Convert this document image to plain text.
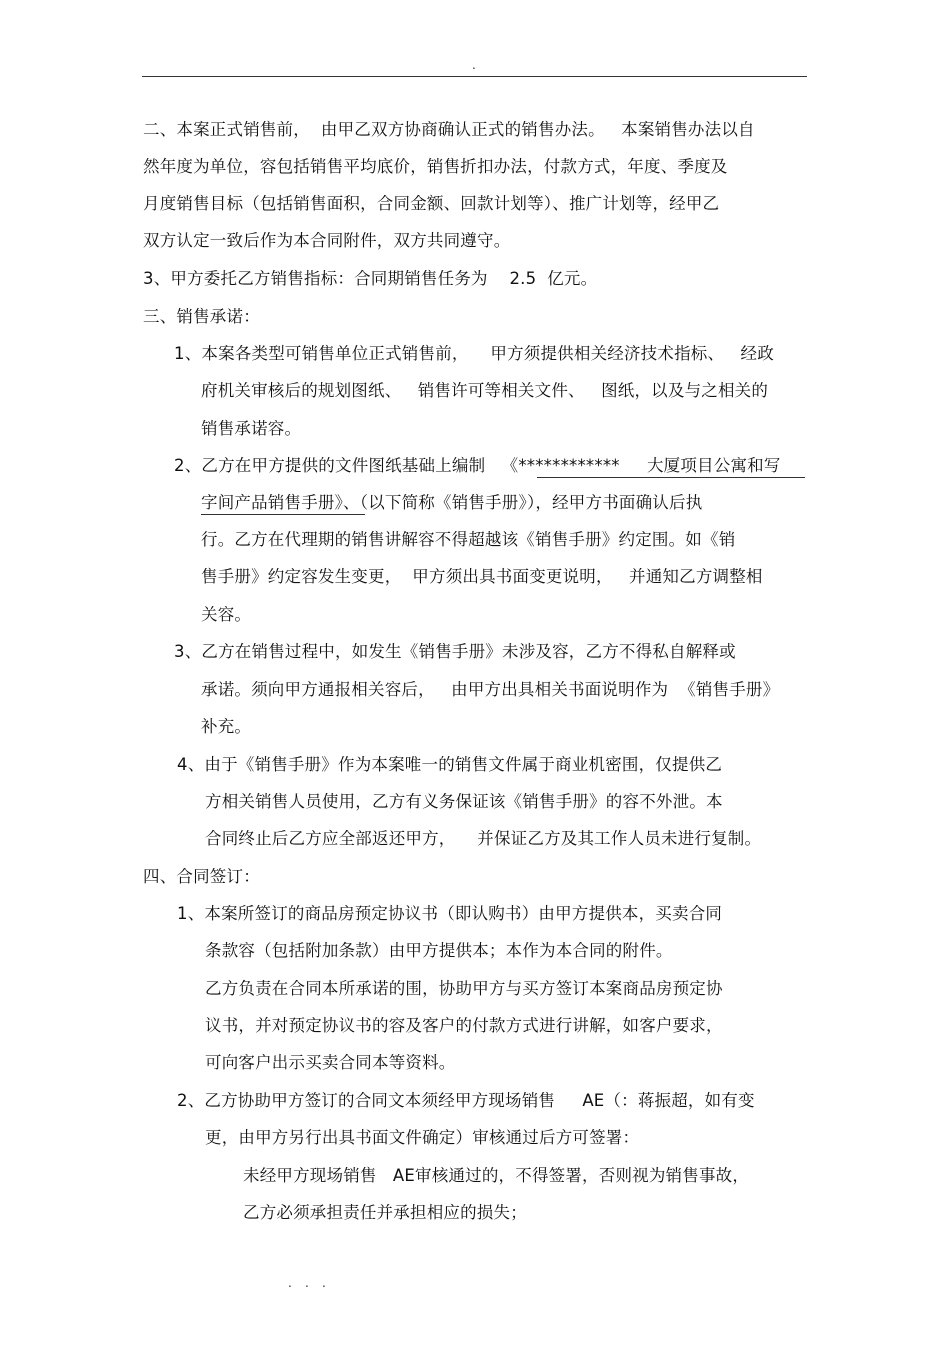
.
二、本案正式销售前，  由甲乙双方协商确认正式的销售办法。   本案销售办法以自
然年度为单位，容包括销售平均底价，销售折扣办法，付款方式，年度、季度及
月度销售目标（包括销售面积，合同金额、回款计划等）、推广计划等，经甲乙
双方认定一致后作为本合同附件，双方共同遵守。
3、甲方委托乙方销售指标：合同期销售任务为    2.5  亿元。
三、销售承诺：
1、本案各类型可销售单位正式销售前，    甲方须提供相关经济技术指标、   经政
府机关审核后的规划图纸、   销售许可等相关文件、   图纸，以及与之相关的
销售承诺容。
2、乙方在甲方提供的文件图纸基础上编制   《************     大厦项目公寓和写
字间产品销售手册》、（以下简称《销售手册》），经甲方书面确认后执
行。乙方在代理期的销售讲解容不得超越该《销售手册》约定围。如《销
售手册》约定容发生变更，  甲方须出具书面变更说明，   并通知乙方调整相
关容。
3、乙方在销售过程中，如发生《销售手册》未涉及容，乙方不得私自解释或
承诺。须向甲方通报相关容后，   由甲方出具相关书面说明作为  《销售手册》
补充。
4、由于《销售手册》作为本案唯一的销售文件属于商业机密围，仅提供乙
方相关销售人员使用，乙方有义务保证该《销售手册》的容不外泄。本
合同终止后乙方应全部返还甲方，    并保证乙方及其工作人员未进行复制。
四、合同签订：
1、本案所签订的商品房预定协议书（即认购书）由甲方提供本，买卖合同
条款容（包括附加条款）由甲方提供本；本作为本合同的附件。
乙方负责在合同本所承诺的围，协助甲方与买方签订本案商品房预定协
议书，并对预定协议书的容及客户的付款方式进行讲解，如客户要求，
可向客户出示买卖合同本等资料。
2、乙方协助甲方签订的合同文本须经甲方现场销售     AE（：蒋振超，如有变
更，由甲方另行出具书面文件确定）审核通过后方可签署：
未经甲方现场销售   AE审核通过的，不得签署，否则视为销售事故，
乙方必须承担责任并承担相应的损失；
. . .
